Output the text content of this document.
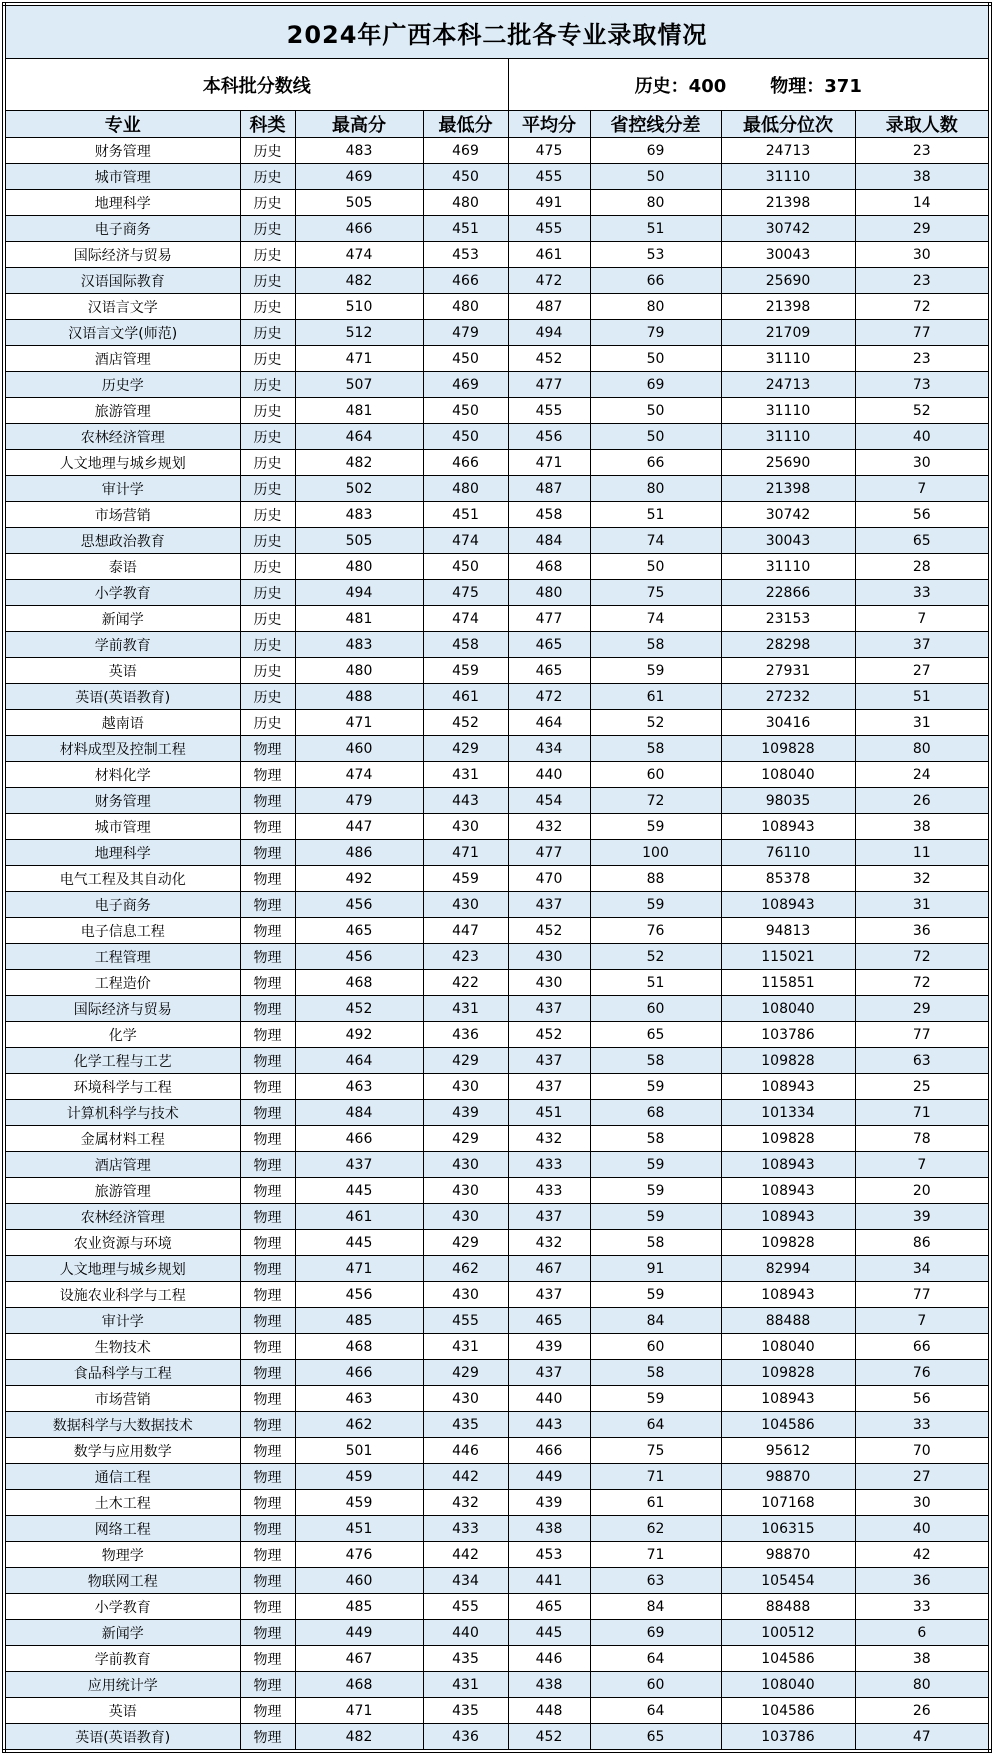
2024年广西本科二批各专业录取情况							
本科批分数线				历史：400 物理：371			
专业	科类	最高分	最低分	平均分	省控线分差	最低分位次	录取人数
财务管理	历史	483	469	475	69	24713	23
城市管理	历史	469	450	455	50	31110	38
地理科学	历史	505	480	491	80	21398	14
电子商务	历史	466	451	455	51	30742	29
国际经济与贸易	历史	474	453	461	53	30043	30
汉语国际教育	历史	482	466	472	66	25690	23
汉语言文学	历史	510	480	487	80	21398	72
汉语言文学(师范)	历史	512	479	494	79	21709	77
酒店管理	历史	471	450	452	50	31110	23
历史学	历史	507	469	477	69	24713	73
旅游管理	历史	481	450	455	50	31110	52
农林经济管理	历史	464	450	456	50	31110	40
人文地理与城乡规划	历史	482	466	471	66	25690	30
审计学	历史	502	480	487	80	21398	7
市场营销	历史	483	451	458	51	30742	56
思想政治教育	历史	505	474	484	74	30043	65
泰语	历史	480	450	468	50	31110	28
小学教育	历史	494	475	480	75	22866	33
新闻学	历史	481	474	477	74	23153	7
学前教育	历史	483	458	465	58	28298	37
英语	历史	480	459	465	59	27931	27
英语(英语教育)	历史	488	461	472	61	27232	51
越南语	历史	471	452	464	52	30416	31
材料成型及控制工程	物理	460	429	434	58	109828	80
材料化学	物理	474	431	440	60	108040	24
财务管理	物理	479	443	454	72	98035	26
城市管理	物理	447	430	432	59	108943	38
地理科学	物理	486	471	477	100	76110	11
电气工程及其自动化	物理	492	459	470	88	85378	32
电子商务	物理	456	430	437	59	108943	31
电子信息工程	物理	465	447	452	76	94813	36
工程管理	物理	456	423	430	52	115021	72
工程造价	物理	468	422	430	51	115851	72
国际经济与贸易	物理	452	431	437	60	108040	29
化学	物理	492	436	452	65	103786	77
化学工程与工艺	物理	464	429	437	58	109828	63
环境科学与工程	物理	463	430	437	59	108943	25
计算机科学与技术	物理	484	439	451	68	101334	71
金属材料工程	物理	466	429	432	58	109828	78
酒店管理	物理	437	430	433	59	108943	7
旅游管理	物理	445	430	433	59	108943	20
农林经济管理	物理	461	430	437	59	108943	39
农业资源与环境	物理	445	429	432	58	109828	86
人文地理与城乡规划	物理	471	462	467	91	82994	34
设施农业科学与工程	物理	456	430	437	59	108943	77
审计学	物理	485	455	465	84	88488	7
生物技术	物理	468	431	439	60	108040	66
食品科学与工程	物理	466	429	437	58	109828	76
市场营销	物理	463	430	440	59	108943	56
数据科学与大数据技术	物理	462	435	443	64	104586	33
数学与应用数学	物理	501	446	466	75	95612	70
通信工程	物理	459	442	449	71	98870	27
土木工程	物理	459	432	439	61	107168	30
网络工程	物理	451	433	438	62	106315	40
物理学	物理	476	442	453	71	98870	42
物联网工程	物理	460	434	441	63	105454	36
小学教育	物理	485	455	465	84	88488	33
新闻学	物理	449	440	445	69	100512	6
学前教育	物理	467	435	446	64	104586	38
应用统计学	物理	468	431	438	60	108040	80
英语	物理	471	435	448	64	104586	26
英语(英语教育)	物理	482	436	452	65	103786	47
